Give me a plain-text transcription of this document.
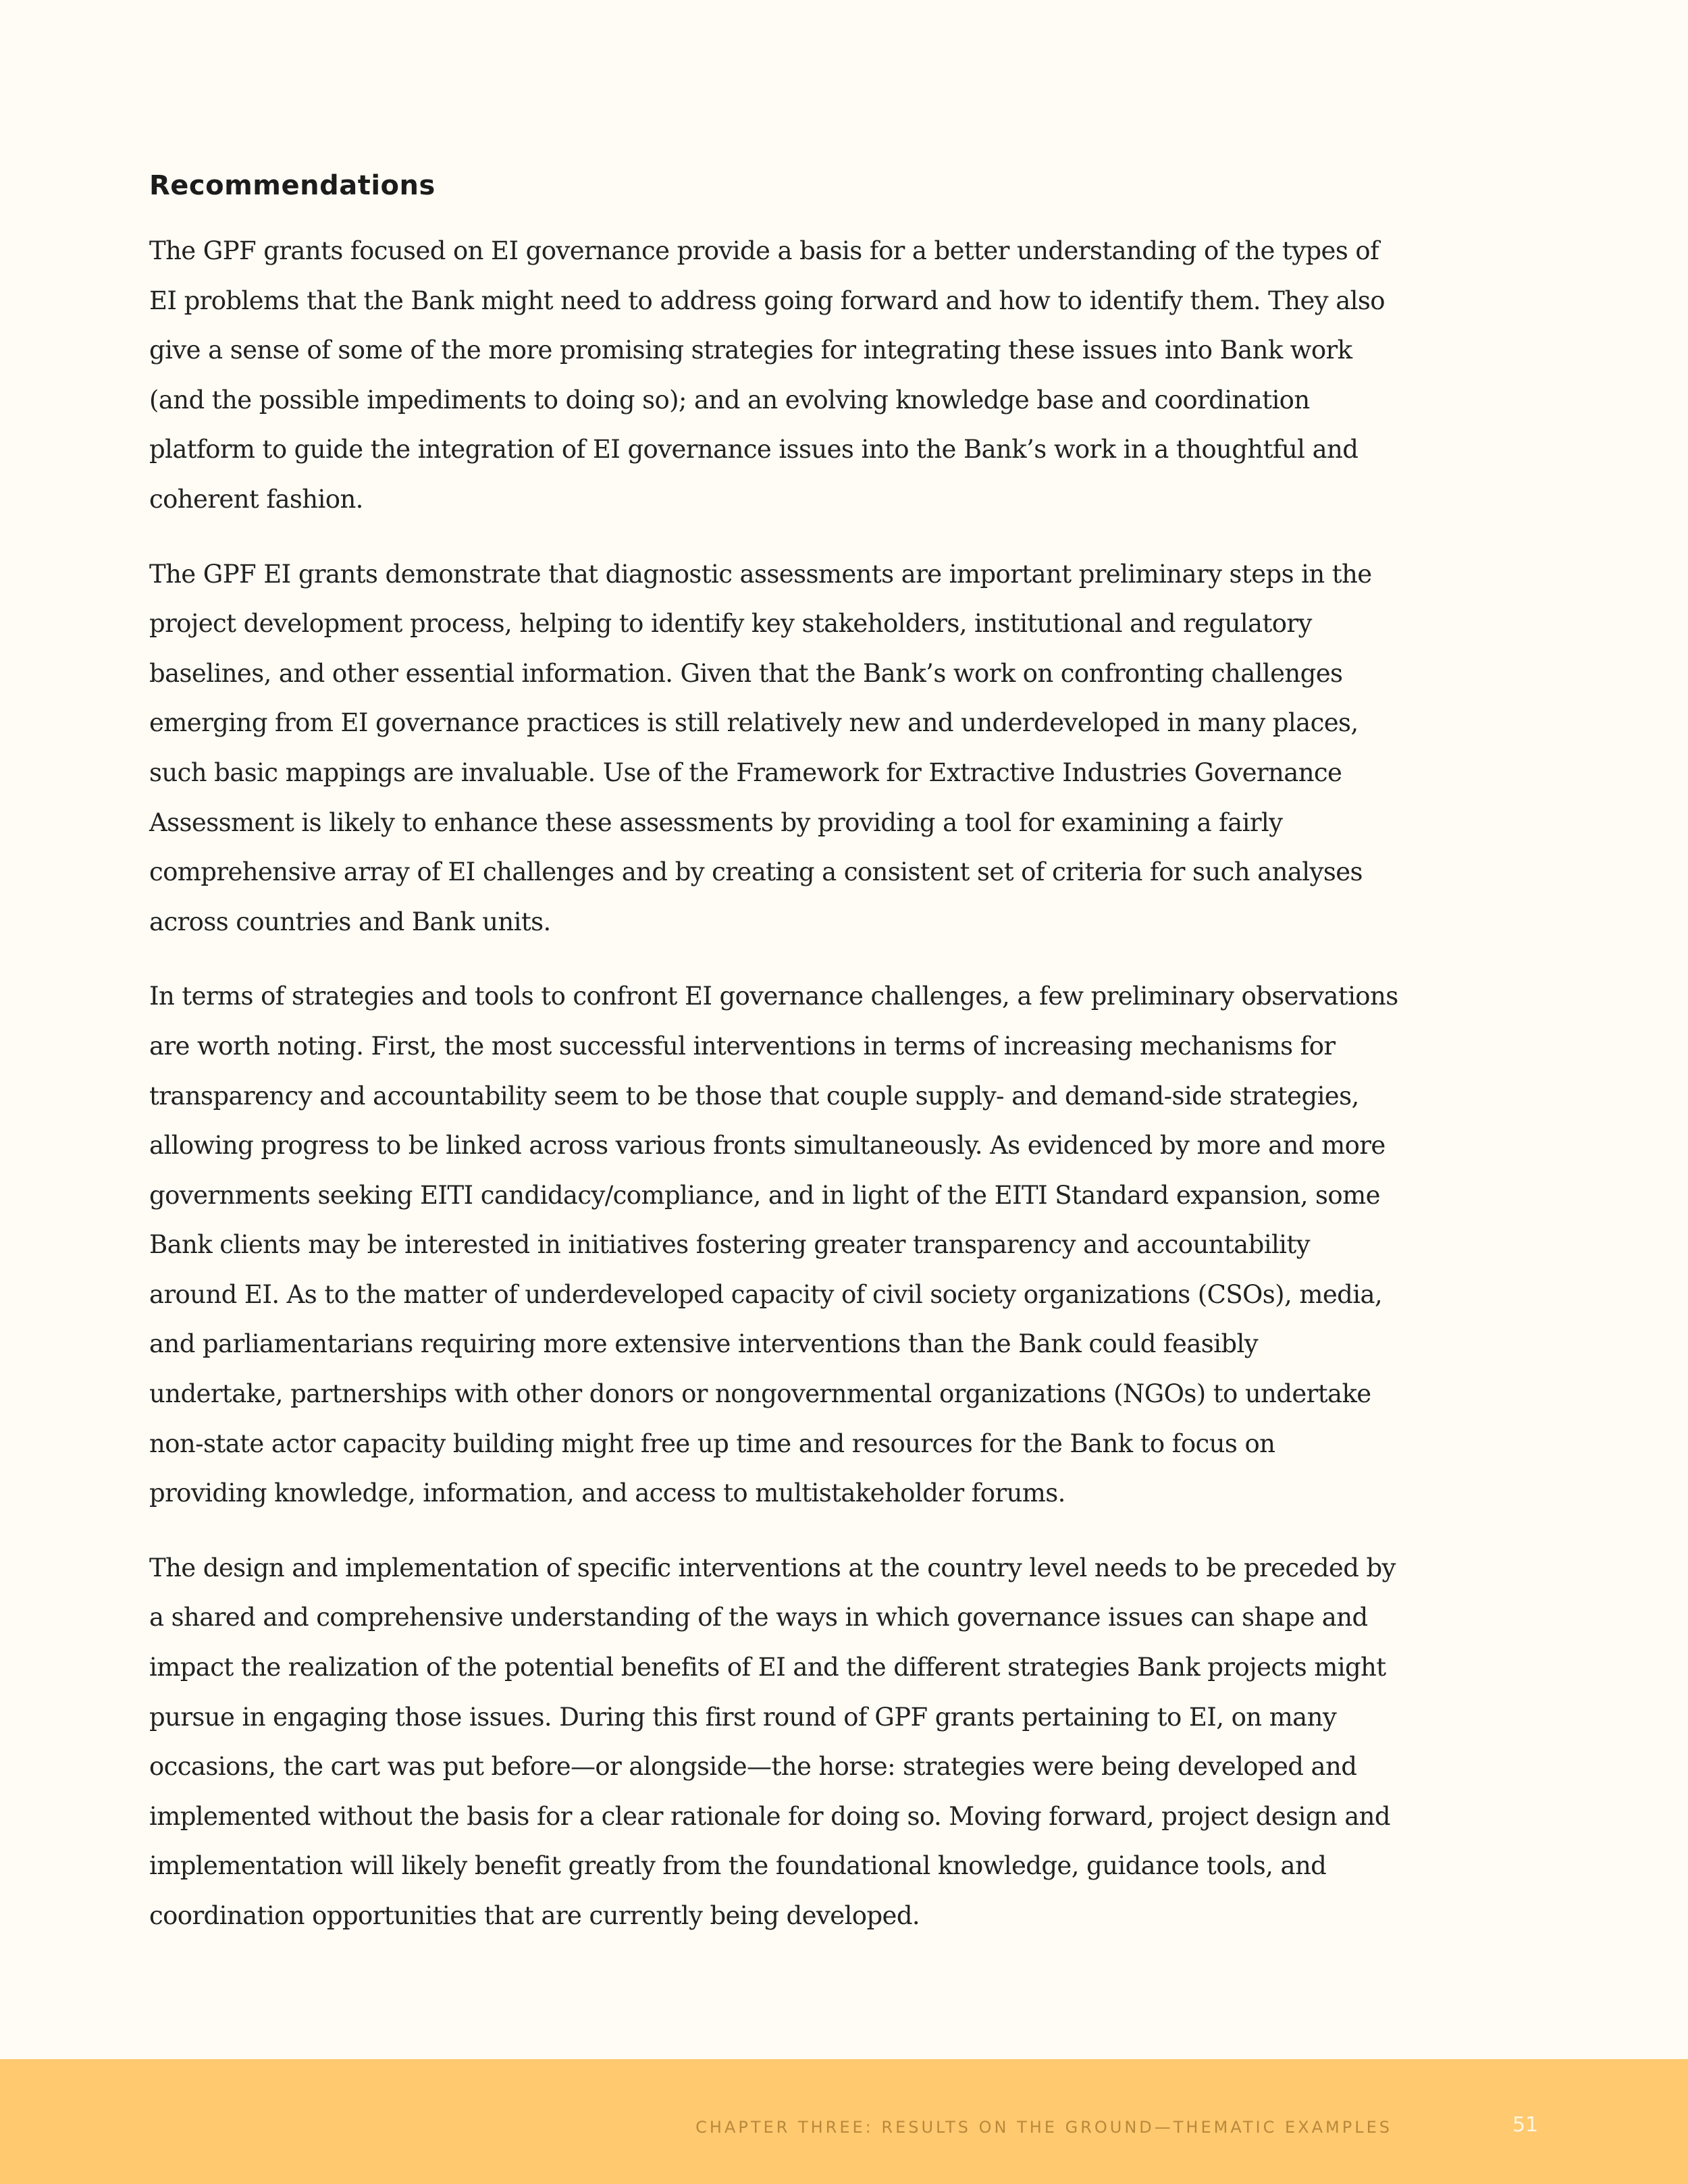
Recommendations

The GPF grants focused on EI governance provide a basis for a better understanding of the types of EI problems that the Bank might need to address going forward and how to identify them. They also give a sense of some of the more promising strategies for integrating these issues into Bank work (and the possible impediments to doing so); and an evolving knowledge base and coordination platform to guide the integration of EI governance issues into the Bank’s work in a thoughtful and coherent fashion.

The GPF EI grants demonstrate that diagnostic assessments are important preliminary steps in the project development process, helping to identify key stakeholders, institutional and regulatory baselines, and other essential information. Given that the Bank’s work on confronting challenges emerging from EI governance practices is still relatively new and underdeveloped in many places, such basic mappings are invaluable. Use of the Framework for Extractive Industries Governance Assessment is likely to enhance these assessments by providing a tool for examining a fairly comprehensive array of EI challenges and by creating a consistent set of criteria for such analyses across countries and Bank units.

In terms of strategies and tools to confront EI governance challenges, a few preliminary observations are worth noting. First, the most successful interventions in terms of increasing mechanisms for transparency and accountability seem to be those that couple supply- and demand-side strategies, allowing progress to be linked across various fronts simultaneously. As evidenced by more and more governments seeking EITI candidacy/compliance, and in light of the EITI Standard expansion, some Bank clients may be interested in initiatives fostering greater transparency and accountability around EI. As to the matter of underdeveloped capacity of civil society organizations (CSOs), media, and parliamentarians requiring more extensive interventions than the Bank could feasibly undertake, partnerships with other donors or nongovernmental organizations (NGOs) to undertake non-state actor capacity building might free up time and resources for the Bank to focus on providing knowledge, information, and access to multistakeholder forums.

The design and implementation of specific interventions at the country level needs to be preceded by a shared and comprehensive understanding of the ways in which governance issues can shape and impact the realization of the potential benefits of EI and the different strategies Bank projects might pursue in engaging those issues. During this first round of GPF grants pertaining to EI, on many occasions, the cart was put before—or alongside—the horse: strategies were being developed and implemented without the basis for a clear rationale for doing so. Moving forward, project design and implementation will likely benefit greatly from the foundational knowledge, guidance tools, and coordination opportunities that are currently being developed.

CHAPTER THREE: RESULTS ON THE GROUND—THEMATIC EXAMPLES	51
